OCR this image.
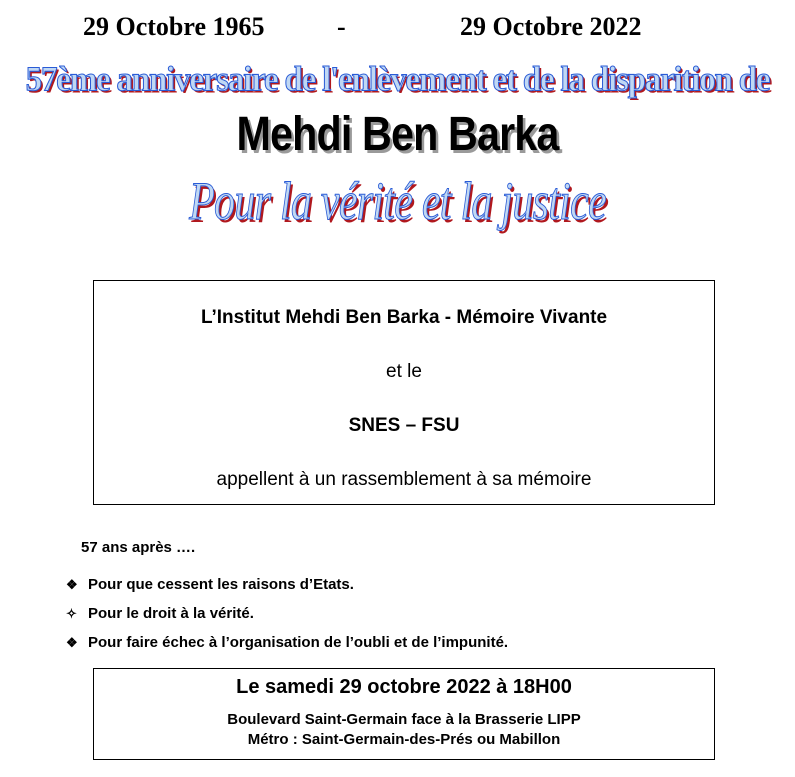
29 Octobre 1965	-	29 Octobre 2022
57ème anniversaire de l'enlèvement et de la disparition de
Mehdi Ben Barka
Pour la vérité et la justice
L’Institut Mehdi Ben Barka - Mémoire Vivante
et le
SNES – FSU
appellent à un rassemblement à sa mémoire
57 ans après ….
❖ Pour que cessent les raisons d’Etats.
✧ Pour le droit à la vérité.
❖ Pour faire échec à l’organisation de l’oubli et de l’impunité.
Le samedi 29 octobre 2022 à 18H00
Boulevard Saint-Germain face à la Brasserie LIPP
Métro : Saint-Germain-des-Prés ou Mabillon
